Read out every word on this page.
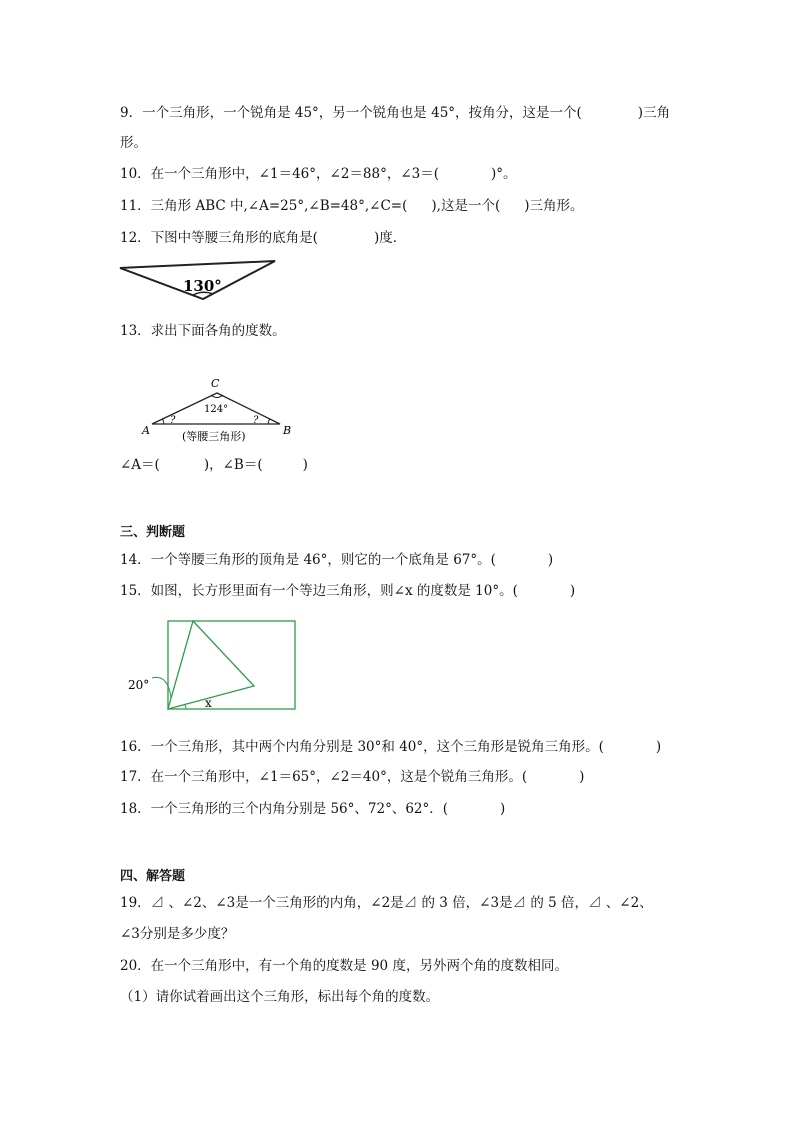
9．一个三角形，一个锐角是 45°，另一个锐角也是 45°，按角分，这是一个(	)三角
形。
10．在一个三角形中，∠1＝46°，∠2＝88°，∠3＝(	)°。
11．三角形 ABC 中,∠A=25°,∠B=48°,∠C=( ),这是一个( )三角形。
12．下图中等腰三角形的底角是(	)度．
130°
13．求出下面各角的度数。
C
A	B
124°
?	?
(等腰三角形)
∠A＝(	)，∠B＝(	)
三、判断题
14．一个等腰三角形的顶角是 46°，则它的一个底角是 67°。(	)
15．如图，长方形里面有一个等边三角形，则∠x 的度数是 10°。(	)
20°
x
16．一个三角形，其中两个内角分别是 30°和 40°，这个三角形是锐角三角形。(	)
17．在一个三角形中，∠1＝65°，∠2＝40°，这是个锐角三角形。(	)
18．一个三角形的三个内角分别是 56°、72°、62°．(	)
四、解答题
19．⊿ 、∠2、∠3是一个三角形的内角，∠2是⊿ 的 3 倍，∠3是⊿ 的 5 倍，⊿ 、∠2、
∠3分别是多少度？
20．在一个三角形中，有一个角的度数是 90 度，另外两个角的度数相同。
（1）请你试着画出这个三角形，标出每个角的度数。
